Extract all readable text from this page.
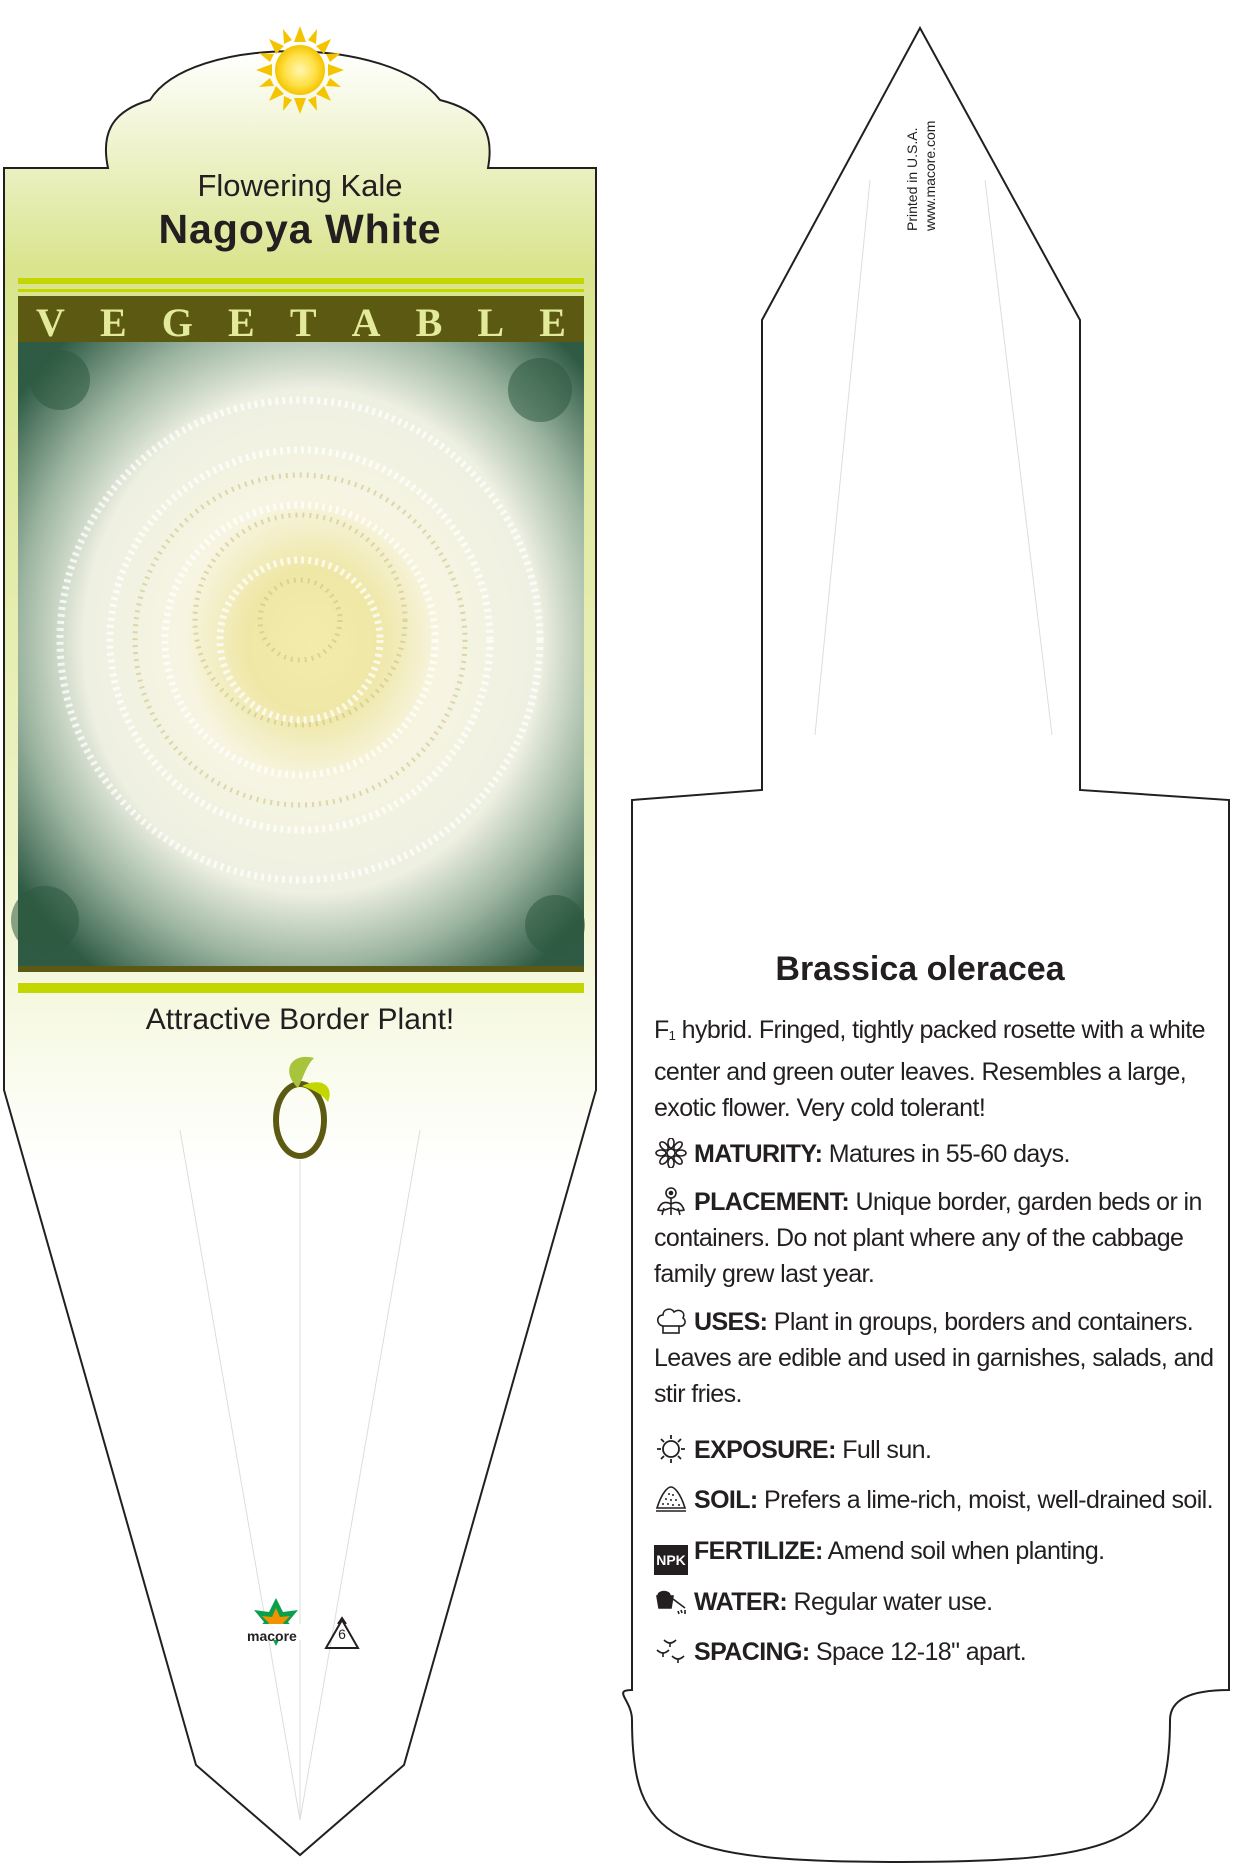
Flowering Kale
Nagoya White
V E G E T A B L E
Attractive Border Plant!
macore	6
Printed in U.S.A. www.macore.com
Brassica oleracea
F1 hybrid. Fringed, tightly packed rosette with a white center and green outer leaves. Resembles a large, exotic flower. Very cold tolerant!
MATURITY: Matures in 55-60 days.
PLACEMENT: Unique border, garden beds or in containers. Do not plant where any of the cabbage family grew last year.
USES: Plant in groups, borders and containers. Leaves are edible and used in garnishes, salads, and stir fries.
EXPOSURE: Full sun.
SOIL: Prefers a lime-rich, moist, well-drained soil.
NPK FERTILIZE: Amend soil when planting.
WATER: Regular water use.
SPACING: Space 12-18" apart.
